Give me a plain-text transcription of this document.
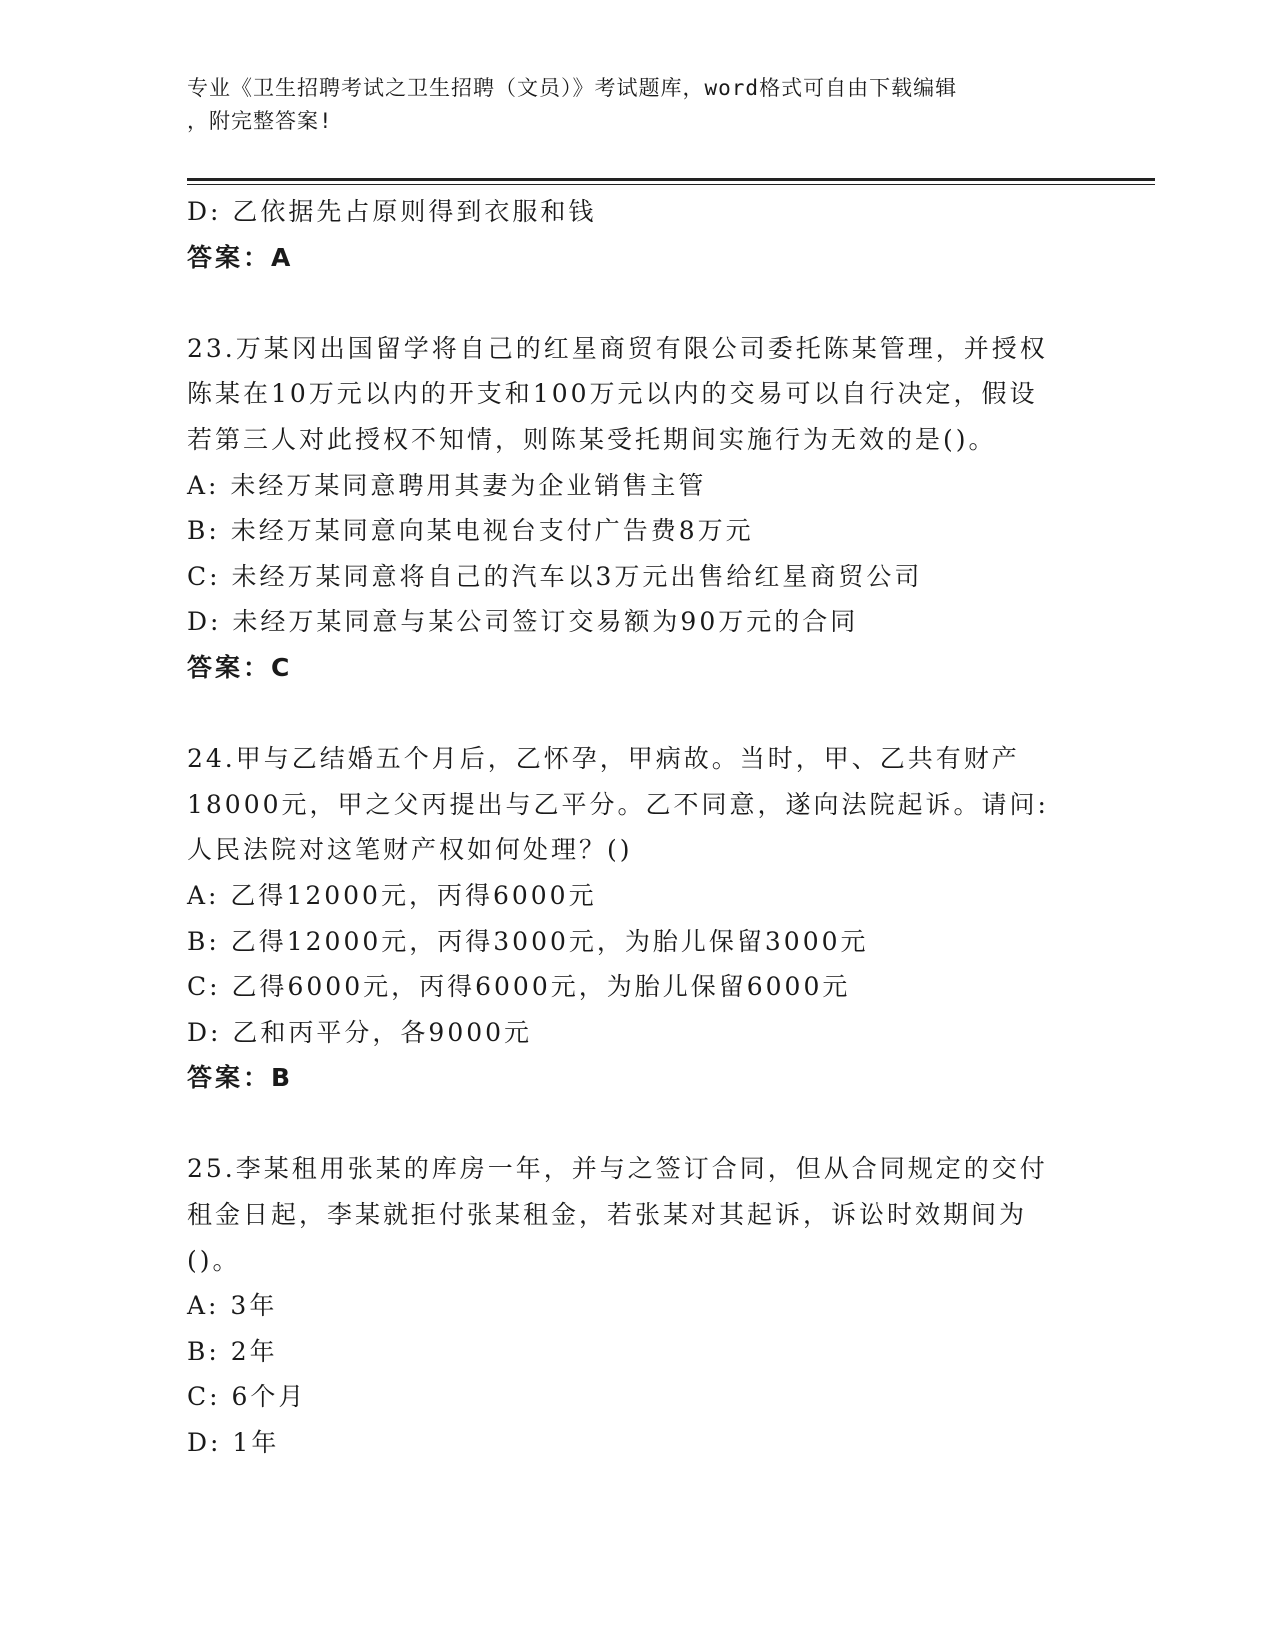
专业《卫生招聘考试之卫生招聘（文员）》考试题库，word格式可自由下载编辑
，附完整答案!
D: 乙依据先占原则得到衣服和钱
答案：A
23.万某冈出国留学将自己的红星商贸有限公司委托陈某管理，并授权
陈某在10万元以内的开支和100万元以内的交易可以自行决定，假设
若第三人对此授权不知情，则陈某受托期间实施行为无效的是()。
A: 未经万某同意聘用其妻为企业销售主管
B: 未经万某同意向某电视台支付广告费8万元
C: 未经万某同意将自己的汽车以3万元出售给红星商贸公司
D: 未经万某同意与某公司签订交易额为90万元的合同
答案：C
24.甲与乙结婚五个月后，乙怀孕，甲病故。当时，甲、乙共有财产
18000元，甲之父丙提出与乙平分。乙不同意，遂向法院起诉。请问:
人民法院对这笔财产权如何处理？()
A: 乙得12000元，丙得6000元
B: 乙得12000元，丙得3000元，为胎儿保留3000元
C: 乙得6000元，丙得6000元，为胎儿保留6000元
D: 乙和丙平分，各9000元
答案：B
25.李某租用张某的库房一年，并与之签订合同，但从合同规定的交付
租金日起，李某就拒付张某租金，若张某对其起诉，诉讼时效期间为
()。
A: 3年
B: 2年
C: 6个月
D: 1年
